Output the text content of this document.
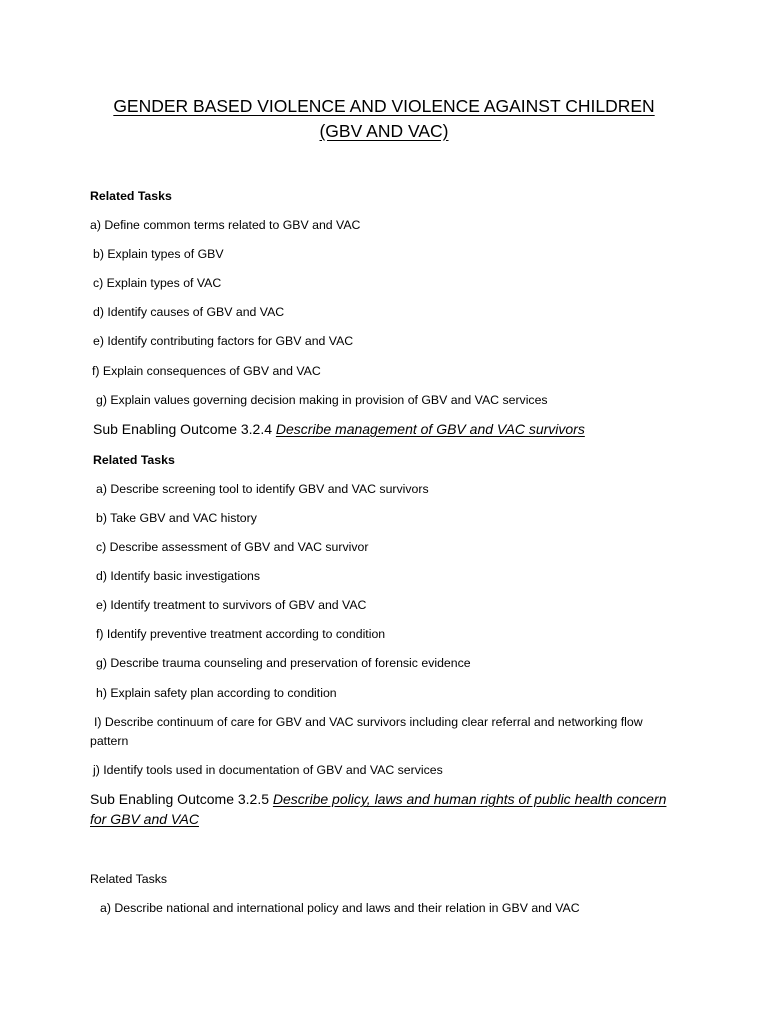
GENDER BASED VIOLENCE AND VIOLENCE AGAINST CHILDREN (GBV AND VAC)

Related Tasks

a) Define common terms related to GBV and VAC

b) Explain types of GBV

c) Explain types of VAC

d) Identify causes of GBV and VAC

e) Identify contributing factors for GBV and VAC

f) Explain consequences of GBV and VAC

g) Explain values governing decision making in provision of GBV and VAC services

Sub Enabling Outcome 3.2.4 Describe management of GBV and VAC survivors

Related Tasks

a) Describe screening tool to identify GBV and VAC survivors

b) Take GBV and VAC history

c) Describe assessment of GBV and VAC survivor

d) Identify basic investigations

e) Identify treatment to survivors of GBV and VAC

f) Identify preventive treatment according to condition

g) Describe trauma counseling and preservation of forensic evidence

h) Explain safety plan according to condition

I) Describe continuum of care for GBV and VAC survivors including clear referral and networking flow pattern

j) Identify tools used in documentation of GBV and VAC services

Sub Enabling Outcome 3.2.5 Describe policy, laws and human rights of public health concern for GBV and VAC

Related Tasks

a) Describe national and international policy and laws and their relation in GBV and VAC
